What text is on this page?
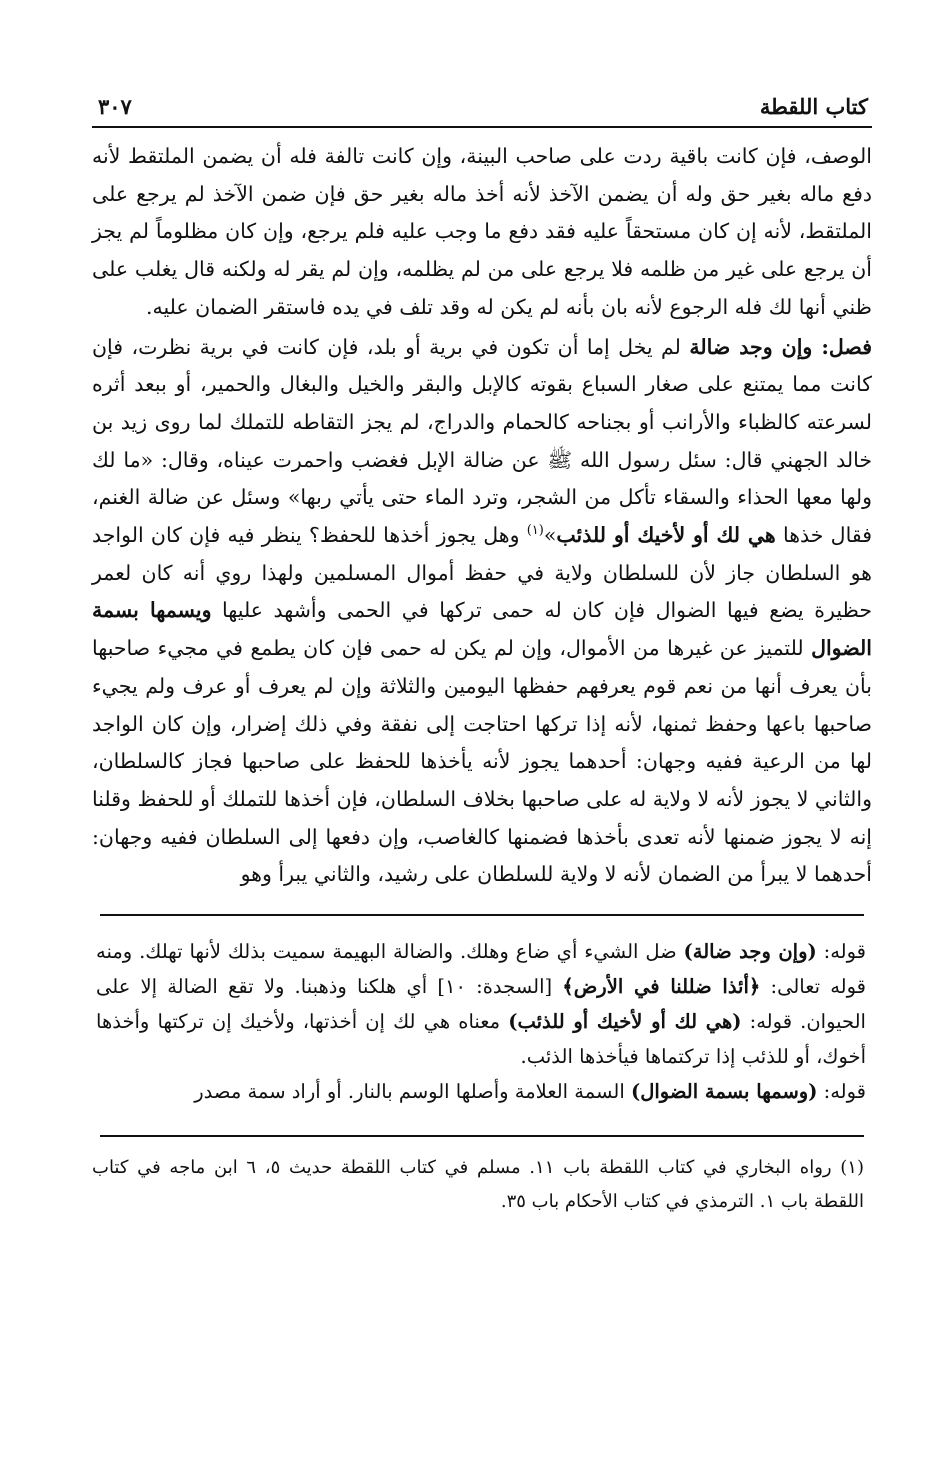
كتاب اللقطة
٣٠٧

الوصف، فإن كانت باقية ردت على صاحب البينة، وإن كانت تالفة فله أن يضمن الملتقط لأنه دفع ماله بغير حق وله أن يضمن الآخذ لأنه أخذ ماله بغير حق فإن ضمن الآخذ لم يرجع على الملتقط، لأنه إن كان مستحقاً عليه فقد دفع ما وجب عليه فلم يرجع، وإن كان مظلوماً لم يجز أن يرجع على غير من ظلمه فلا يرجع على من لم يظلمه، وإن لم يقر له ولكنه قال يغلب على ظني أنها لك فله الرجوع لأنه بان بأنه لم يكن له وقد تلف في يده فاستقر الضمان عليه.

فصل: وإن وجد ضالة لم يخل إما أن تكون في برية أو بلد، فإن كانت في برية نظرت، فإن كانت مما يمتنع على صغار السباع بقوته كالإبل والبقر والخيل والبغال والحمير، أو ببعد أثره لسرعته كالظباء والأرانب أو بجناحه كالحمام والدراج، لم يجز التقاطه للتملك لما روى زيد بن خالد الجهني قال: سئل رسول الله ﷺ عن ضالة الإبل فغضب واحمرت عيناه، وقال: «ما لك ولها معها الحذاء والسقاء تأكل من الشجر، وترد الماء حتى يأتي ربها» وسئل عن ضالة الغنم، فقال خذها هي لك أو لأخيك أو للذئب»$^{(١)}$ وهل يجوز أخذها للحفظ؟ ينظر فيه فإن كان الواجد هو السلطان جاز لأن للسلطان ولاية في حفظ أموال المسلمين ولهذا روي أنه كان لعمر حظيرة يضع فيها الضوال فإن كان له حمى تركها في الحمى وأشهد عليها ويسمها بسمة الضوال للتميز عن غيرها من الأموال، وإن لم يكن له حمى فإن كان يطمع في مجيء صاحبها بأن يعرف أنها من نعم قوم يعرفهم حفظها اليومين والثلاثة وإن لم يعرف أو عرف ولم يجيء صاحبها باعها وحفظ ثمنها، لأنه إذا تركها احتاجت إلى نفقة وفي ذلك إضرار، وإن كان الواجد لها من الرعية ففيه وجهان: أحدهما يجوز لأنه يأخذها للحفظ على صاحبها فجاز كالسلطان، والثاني لا يجوز لأنه لا ولاية له على صاحبها بخلاف السلطان، فإن أخذها للتملك أو للحفظ وقلنا إنه لا يجوز ضمنها لأنه تعدى بأخذها فضمنها كالغاصب، وإن دفعها إلى السلطان ففيه وجهان: أحدهما لا يبرأ من الضمان لأنه لا ولاية للسلطان على رشيد، والثاني يبرأ وهو

قوله: (وإن وجد ضالة) ضل الشيء أي ضاع وهلك. والضالة البهيمة سميت بذلك لأنها تهلك. ومنه قوله تعالى: ﴿أئذا ضللنا في الأرض﴾ [السجدة: ١٠] أي هلكنا وذهبنا. ولا تقع الضالة إلا على الحيوان. قوله: (هي لك أو لأخيك أو للذئب) معناه هي لك إن أخذتها، ولأخيك إن تركتها وأخذها أخوك، أو للذئب إذا تركتماها فيأخذها الذئب.

قوله: (وسمها بسمة الضوال) السمة العلامة وأصلها الوسم بالنار. أو أراد سمة مصدر

(١) رواه البخاري في كتاب اللقطة باب ١١. مسلم في كتاب اللقطة حديث ٥، ٦ ابن ماجه في كتاب اللقطة باب ١. الترمذي في كتاب الأحكام باب ٣٥.
